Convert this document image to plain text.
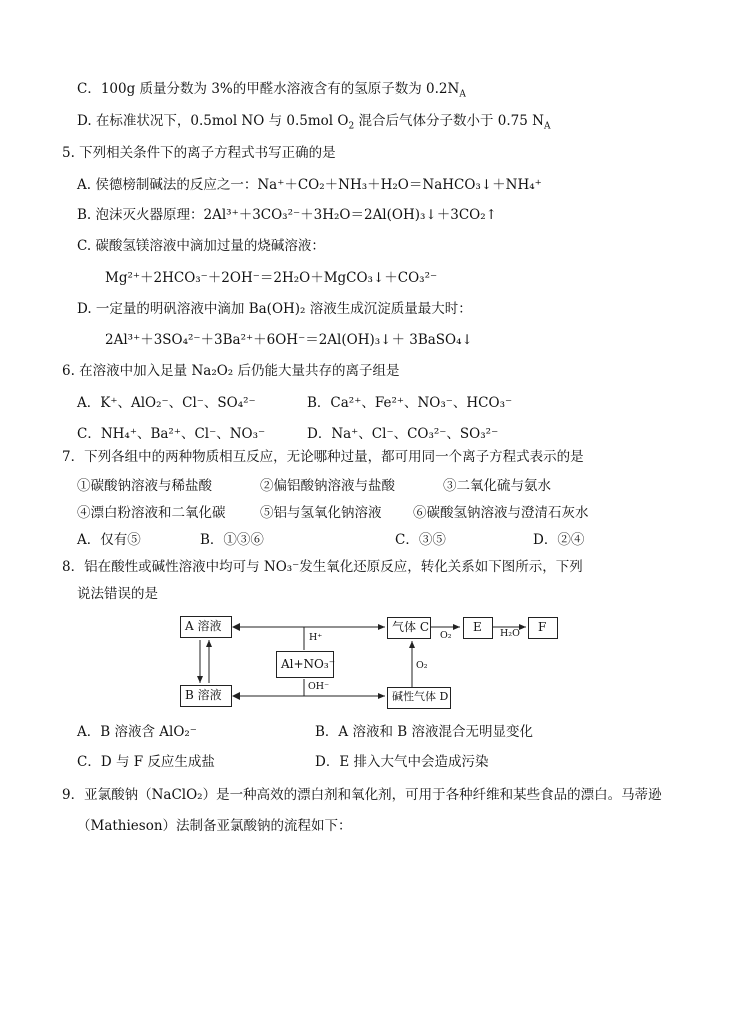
C．100g 质量分数为 3%的甲醛水溶液含有的氢原子数为 $0.2N_A$
D. 在标准状况下，0.5mol NO 与 0.5mol $O_2$ 混合后气体分子数小于 0.75 $N_A$
5. 下列相关条件下的离子方程式书写正确的是
A. 侯德榜制碱法的反应之一：Na⁺＋CO₂＋NH₃＋H₂O＝NaHCO₃↓＋NH₄⁺
B. 泡沫灭火器原理：2Al³⁺＋3CO₃²⁻＋3H₂O＝2Al(OH)₃↓＋3CO₂↑
C. 碳酸氢镁溶液中滴加过量的烧碱溶液：
Mg²⁺＋2HCO₃⁻＋2OH⁻＝2H₂O＋MgCO₃↓＋CO₃²⁻
D. 一定量的明矾溶液中滴加 Ba(OH)₂ 溶液生成沉淀质量最大时：
2Al³⁺＋3SO₄²⁻＋3Ba²⁺＋6OH⁻＝2Al(OH)₃↓＋ 3BaSO₄↓
6. 在溶液中加入足量 Na₂O₂ 后仍能大量共存的离子组是
A．K⁺、AlO₂⁻、Cl⁻、SO₄²⁻	B．Ca²⁺、Fe²⁺、NO₃⁻、HCO₃⁻
C．NH₄⁺、Ba²⁺、Cl⁻、NO₃⁻	D．Na⁺、Cl⁻、CO₃²⁻、SO₃²⁻
7．下列各组中的两种物质相互反应，无论哪种过量，都可用同一个离子方程式表示的是
①碳酸钠溶液与稀盐酸	②偏铝酸钠溶液与盐酸	③二氧化硫与氨水
④漂白粉溶液和二氧化碳	⑤铝与氢氧化钠溶液 ⑥碳酸氢钠溶液与澄清石灰水
A．仅有⑤	B．①③⑥	C．③⑤	D．②④
8．铝在酸性或碱性溶液中均可与 NO₃⁻发生氧化还原反应，转化关系如下图所示，下列
说法错误的是
A 溶液
B 溶液
Al+NO₃⁻
气体 C
碱性气体 D
E	F
H⁺
OH⁻
O₂	H₂O
O₂
A．B 溶液含 AlO₂⁻	B．A 溶液和 B 溶液混合无明显变化
C．D 与 F 反应生成盐	D．E 排入大气中会造成污染
9．亚氯酸钠（NaClO₂）是一种高效的漂白剂和氧化剂，可用于各种纤维和某些食品的漂白。马蒂逊
（Mathieson）法制备亚氯酸钠的流程如下：
